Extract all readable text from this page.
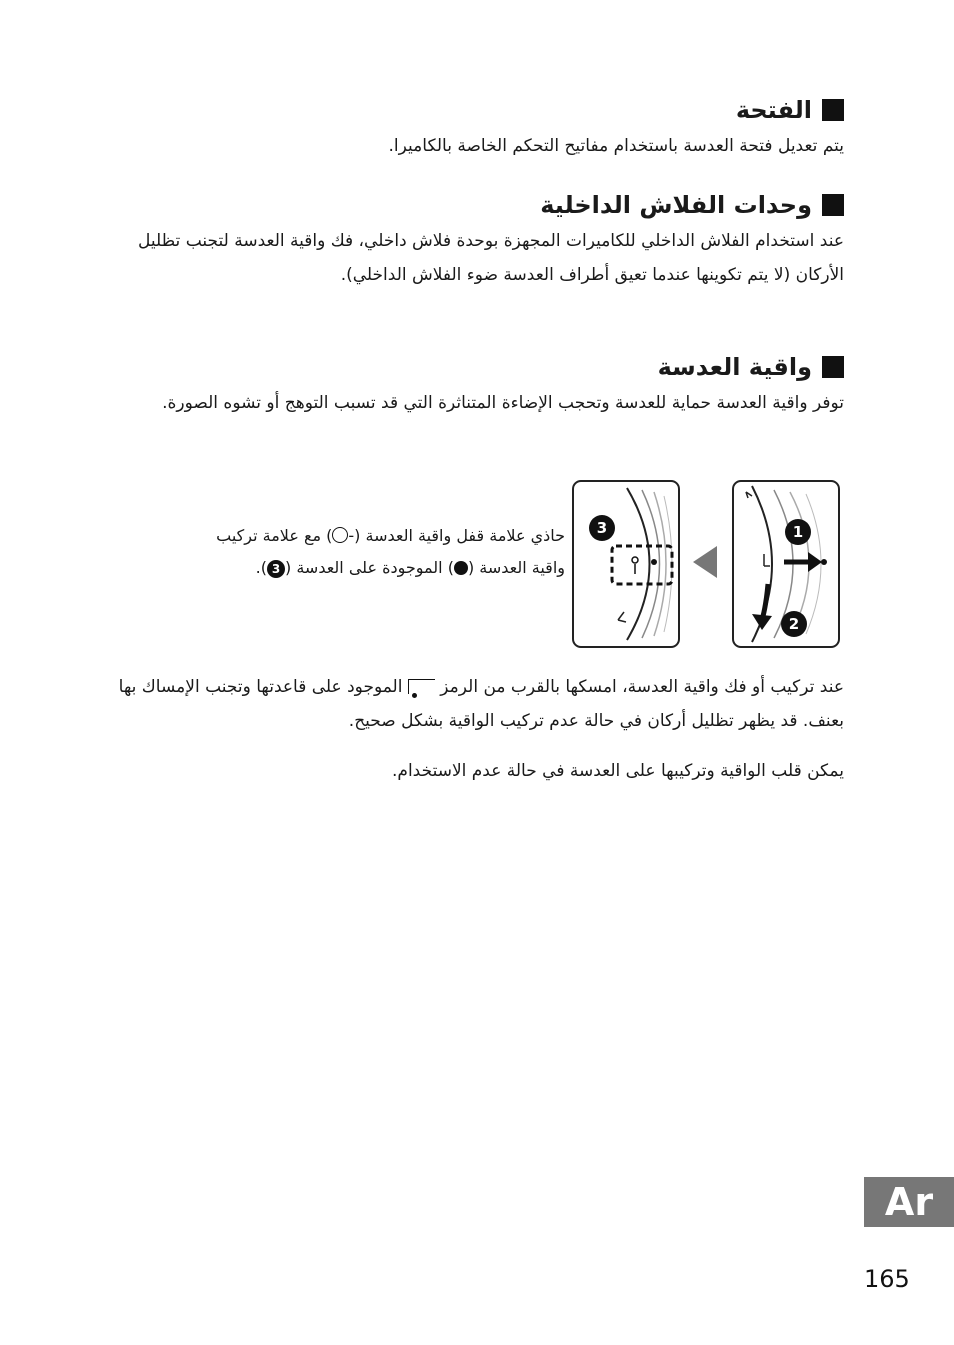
الفتحة

يتم تعديل فتحة العدسة باستخدام مفاتيح التحكم الخاصة بالكاميرا.

وحدات الفلاش الداخلية

عند استخدام الفلاش الداخلي للكاميرات المجهزة بوحدة فلاش داخلي، فك واقية العدسة لتجنب تظليل الأركان (لا يتم تكوينها عندما تعيق أطراف العدسة ضوء الفلاش الداخلي).

واقية العدسة

توفر واقية العدسة حماية للعدسة وتحجب الإضاءة المتناثرة التي قد تسبب التوهج أو تشوه الصورة.

حاذي علامة قفل واقية العدسة (-) مع علامة تركيب
واقية العدسة () الموجودة على العدسة (3).
3	1
2

عند تركيب أو فك واقية العدسة، امسكها بالقرب من الرمز  الموجود على قاعدتها وتجنب الإمساك بها بعنف. قد يظهر تظليل أركان في حالة عدم تركيب الواقية بشكل صحيح.

يمكن قلب الواقية وتركيبها على العدسة في حالة عدم الاستخدام.

Ar
165
